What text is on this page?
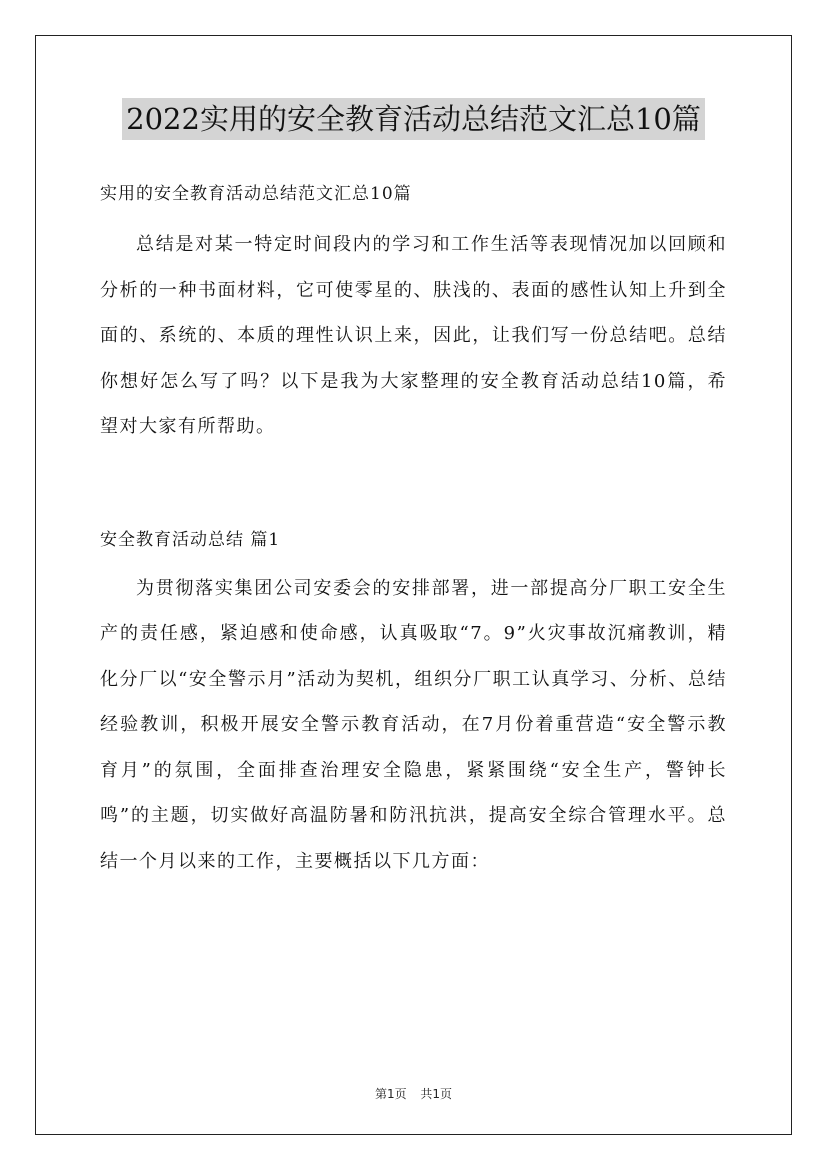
2022实用的安全教育活动总结范文汇总10篇

实用的安全教育活动总结范文汇总10篇

总结是对某一特定时间段内的学习和工作生活等表现情况加以回顾和分析的一种书面材料，它可使零星的、肤浅的、表面的感性认知上升到全面的、系统的、本质的理性认识上来，因此，让我们写一份总结吧。总结你想好怎么写了吗？以下是我为大家整理的安全教育活动总结10篇，希望对大家有所帮助。

安全教育活动总结 篇1

为贯彻落实集团公司安委会的安排部署，进一部提高分厂职工安全生产的责任感，紧迫感和使命感，认真吸取“7。9”火灾事故沉痛教训，精化分厂以“安全警示月”活动为契机，组织分厂职工认真学习、分析、总结经验教训，积极开展安全警示教育活动，在7月份着重营造“安全警示教育月”的氛围，全面排查治理安全隐患，紧紧围绕“安全生产，警钟长鸣”的主题，切实做好高温防暑和防汛抗洪，提高安全综合管理水平。总结一个月以来的工作，主要概括以下几方面：

第1页 共1页
